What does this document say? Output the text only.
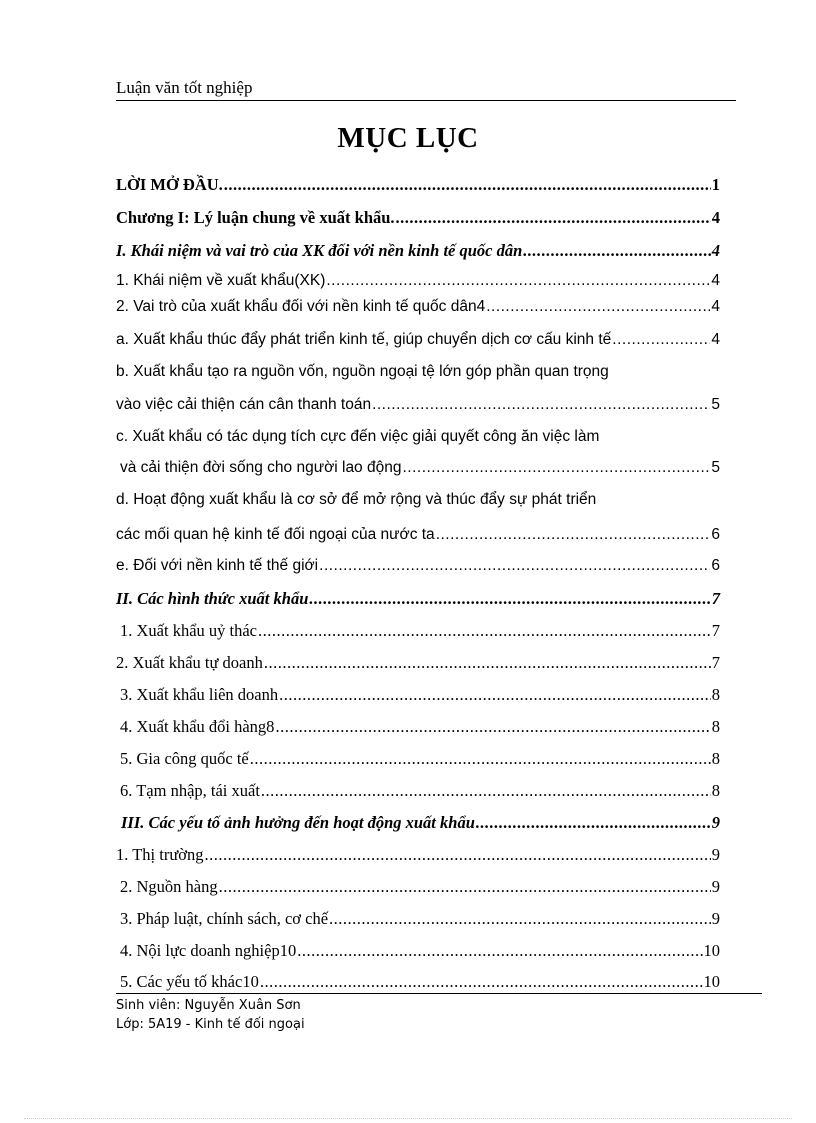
Luận văn tốt nghiệp
MỤC LỤC
LỜI MỞ ĐẦU. .....	1
Chương I: Lý luận chung về xuất khẩu. .....	4
I. Khái niệm và vai trò của XK đối với nền kinh tế quốc dân .....	4
1. Khái niệm về xuất khẩu(XK) .....	4
2. Vai trò của xuất khẩu đối với nền kinh tế quốc dân4 .....	4
a. Xuất khẩu thúc đẩy phát triển kinh tế, giúp chuyển dịch cơ cấu kinh tế .....	4
b. Xuất khẩu tạo ra nguồn vốn, nguồn ngoại tệ lớn góp phần quan trọng
vào việc cải thiện cán cân thanh toán .....	5
c. Xuất khẩu có tác dụng tích cực đến việc giải quyết công ăn việc làm
và cải thiện đời sống cho người lao động .....	5
d. Hoạt động xuất khẩu là cơ sở để mở rộng và thúc đẩy sự phát triển
các mối quan hệ kinh tế đối ngoại của nước ta .....	6
e. Đối với nền kinh tế thế giới .....	6
II. Các hình thức xuất khẩu .....	7
1. Xuất khẩu uỷ thác .....	7
2. Xuất khẩu tự doanh .....	7
3. Xuất khẩu liên doanh .....	8
4. Xuất khẩu đổi hàng8 .....	8
5. Gia công quốc tế .....	8
6. Tạm nhập, tái xuất .....	8
III. Các yếu tố ảnh hưởng đến hoạt động xuất khẩu .....	9
1. Thị trường .....	9
2. Nguồn hàng .....	9
3. Pháp luật, chính sách, cơ chế .....	9
4. Nội lực doanh nghiệp10 .....	10
5. Các yếu tố khác10 .....	10
Sinh viên: Nguyễn Xuân Sơn
Lớp: 5A19 - Kinh tế đối ngoại
